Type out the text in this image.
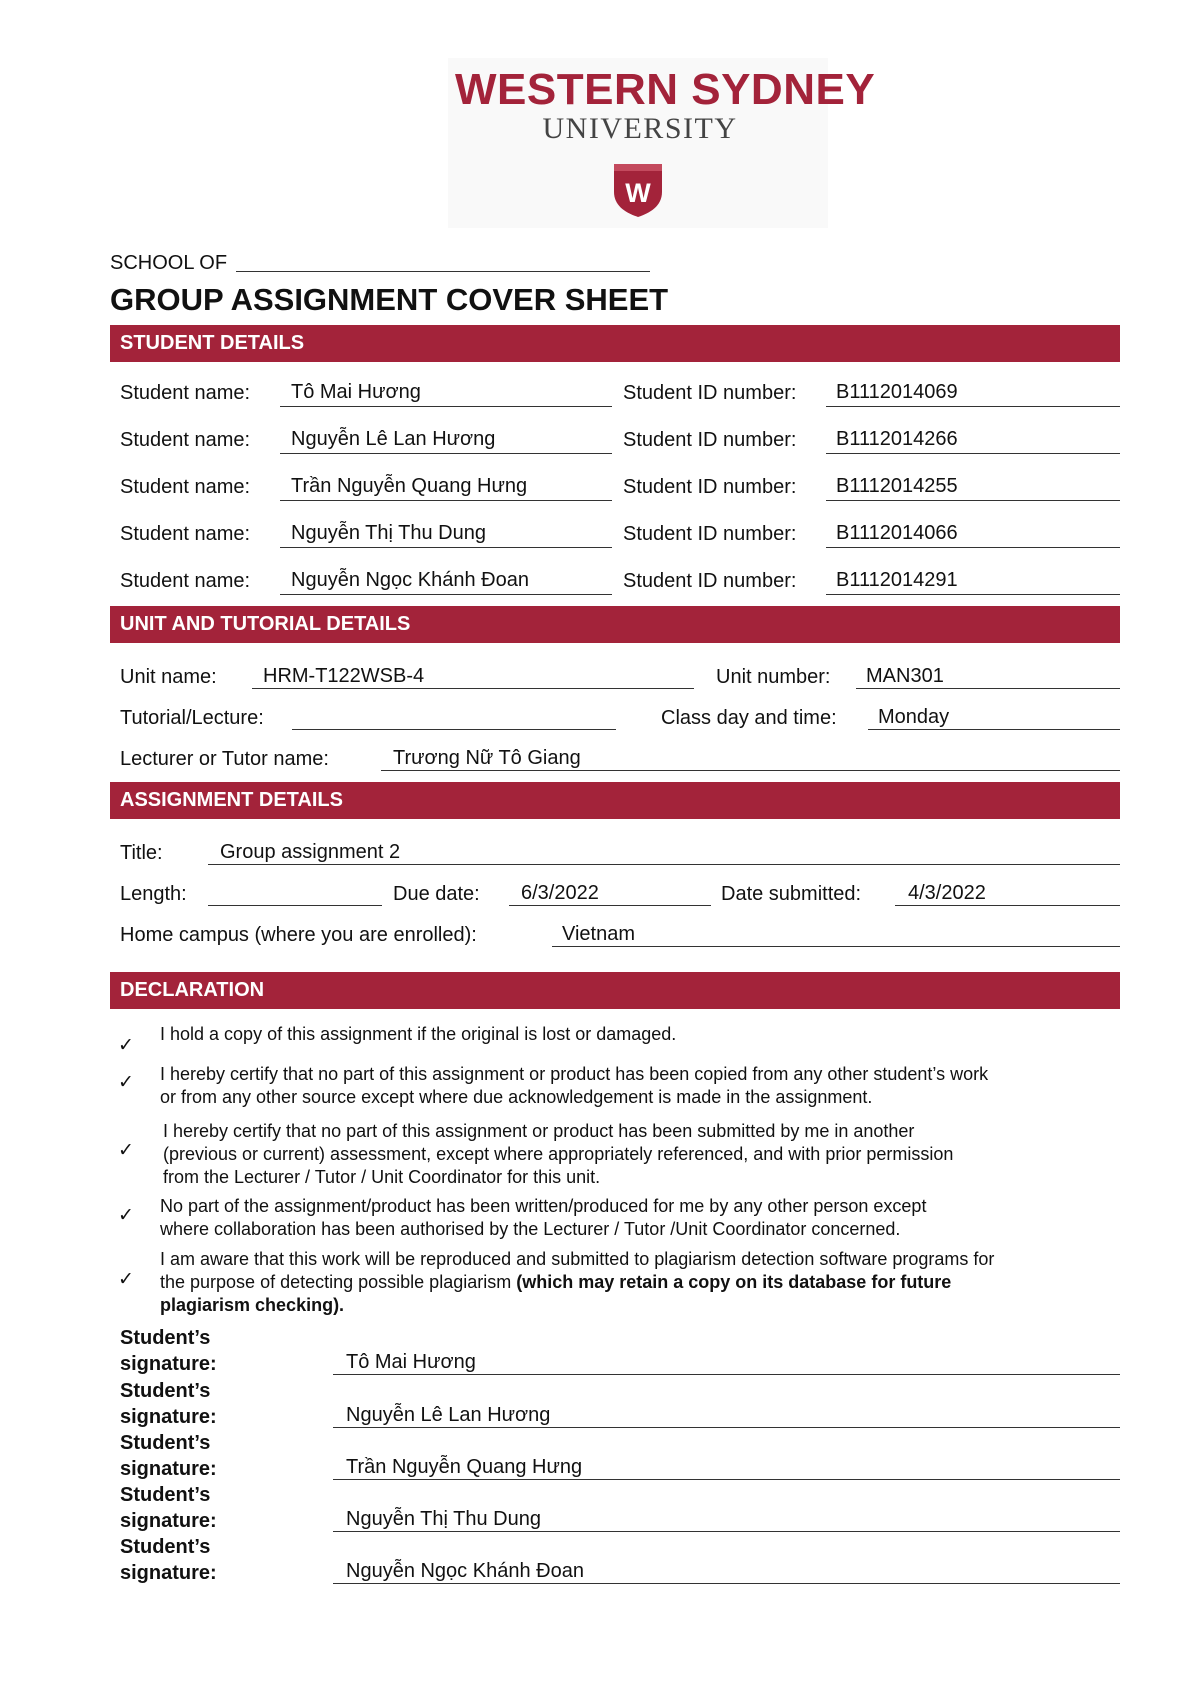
WESTERN SYDNEY
UNIVERSITY
W
SCHOOL OF
GROUP ASSIGNMENT COVER SHEET
STUDENT DETAILS
Student name: Tô Mai Hương	Student ID number: B1112014069
Student name: Nguyễn Lê Lan Hương	Student ID number: B1112014266
Student name: Trần Nguyễn Quang Hưng	Student ID number: B1112014255
Student name: Nguyễn Thị Thu Dung	Student ID number: B1112014066
Student name: Nguyễn Ngọc Khánh Đoan	Student ID number: B1112014291
UNIT AND TUTORIAL DETAILS
Unit name: HRM-T122WSB-4	Unit number: MAN301
Tutorial/Lecture:	Class day and time: Monday
Lecturer or Tutor name:	Trương Nữ Tô Giang
ASSIGNMENT DETAILS
Title:	Group assignment 2
Length:	Due date: 6/3/2022	Date submitted: 4/3/2022
Home campus (where you are enrolled):	Vietnam
DECLARATION
✓
I hold a copy of this assignment if the original is lost or damaged.
✓ I hereby certify that no part of this assignment or product has been copied from any other student’s work
or from any other source except where due acknowledgement is made in the assignment.
✓
I hereby certify that no part of this assignment or product has been submitted by me in another
(previous or current) assessment, except where appropriately referenced, and with prior permission
from the Lecturer / Tutor / Unit Coordinator for this unit.
✓ No part of the assignment/product has been written/produced for me by any other person except
where collaboration has been authorised by the Lecturer / Tutor /Unit Coordinator concerned.
✓
I am aware that this work will be reproduced and submitted to plagiarism detection software programs for
the purpose of detecting possible plagiarism (which may retain a copy on its database for future
plagiarism checking).
Student’s
signature:	Tô Mai Hương
Student’s
signature:	Nguyễn Lê Lan Hương
Student’s
signature:	Trần Nguyễn Quang Hưng
Student’s
signature:	Nguyễn Thị Thu Dung
Student’s
signature:	Nguyễn Ngọc Khánh Đoan
